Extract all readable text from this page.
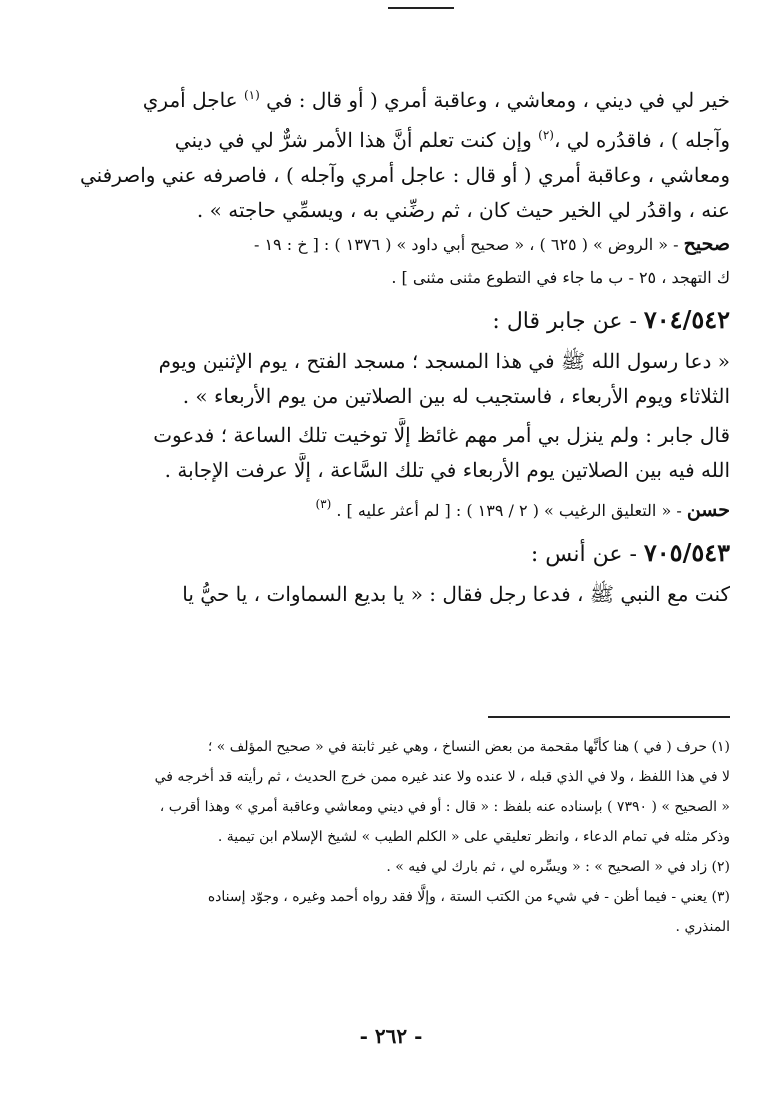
خير لي في ديني ، ومعاشي ، وعاقبة أمري ( أو قال : في $^{(١)}$ عاجل أمري

وآجله ) ، فاقدُره لي ،$^{(٢)}$ وإن كنت تعلم أنَّ هذا الأمر شرٌّ لي في ديني

ومعاشي ، وعاقبة أمري ( أو قال : عاجل أمري وآجله ) ، فاصرفه عني واصرفني

عنه ، واقدُر لي الخير حيث كان ، ثم رضِّني به ، ويسمِّي حاجته » .

صحيح - « الروض » ( ٦٢٥ ) ، « صحيح أبي داود » ( ١٣٧٦ ) : [ خ : ١٩ -

ك التهجد ، ٢٥ - ب ما جاء في التطوع مثنى مثنى ] .

٧٠٤/٥٤٢ - عن جابر قال :

« دعا رسول الله ﷺ في هذا المسجد ؛ مسجد الفتح ، يوم الإثنين ويوم

الثلاثاء ويوم الأربعاء ، فاستجيب له بين الصلاتين من يوم الأربعاء » .

قال جابر : ولم ينزل بي أمر مهم غائظ إلَّا توخيت تلك الساعة ؛ فدعوت

الله فيه بين الصلاتين يوم الأربعاء في تلك السَّاعة ، إلَّا عرفت الإجابة .

حسن - « التعليق الرغيب » ( ٢ / ١٣٩ ) : [ لم أعثر عليه ] . $^{(٣)}$

٧٠٥/٥٤٣ - عن أنس :

كنت مع النبي ﷺ ، فدعا رجل فقال : « يا بديع السماوات ، يا حيُّ يا

(١) حرف ( في ) هنا كأنَّها مقحمة من بعض النساخ ، وهي غير ثابتة في « صحيح المؤلف » ؛

لا في هذا اللفظ ، ولا في الذي قبله ، لا عنده ولا عند غيره ممن خرج الحديث ، ثم رأيته قد أخرجه في

« الصحيح » ( ٧٣٩٠ ) بإسناده عنه بلفظ : « قال : أو في ديني ومعاشي وعاقبة أمري » وهذا أقرب ،

وذكر مثله في تمام الدعاء ، وانظر تعليقي على « الكلم الطيب » لشيخ الإسلام ابن تيمية .

(٢) زاد في « الصحيح » : « ويسِّره لي ، ثم بارك لي فيه » .

(٣) يعني - فيما أظن - في شيء من الكتب الستة ، وإلَّا فقد رواه أحمد وغيره ، وجوّد إسناده

المنذري .

- ٢٦٢ -
